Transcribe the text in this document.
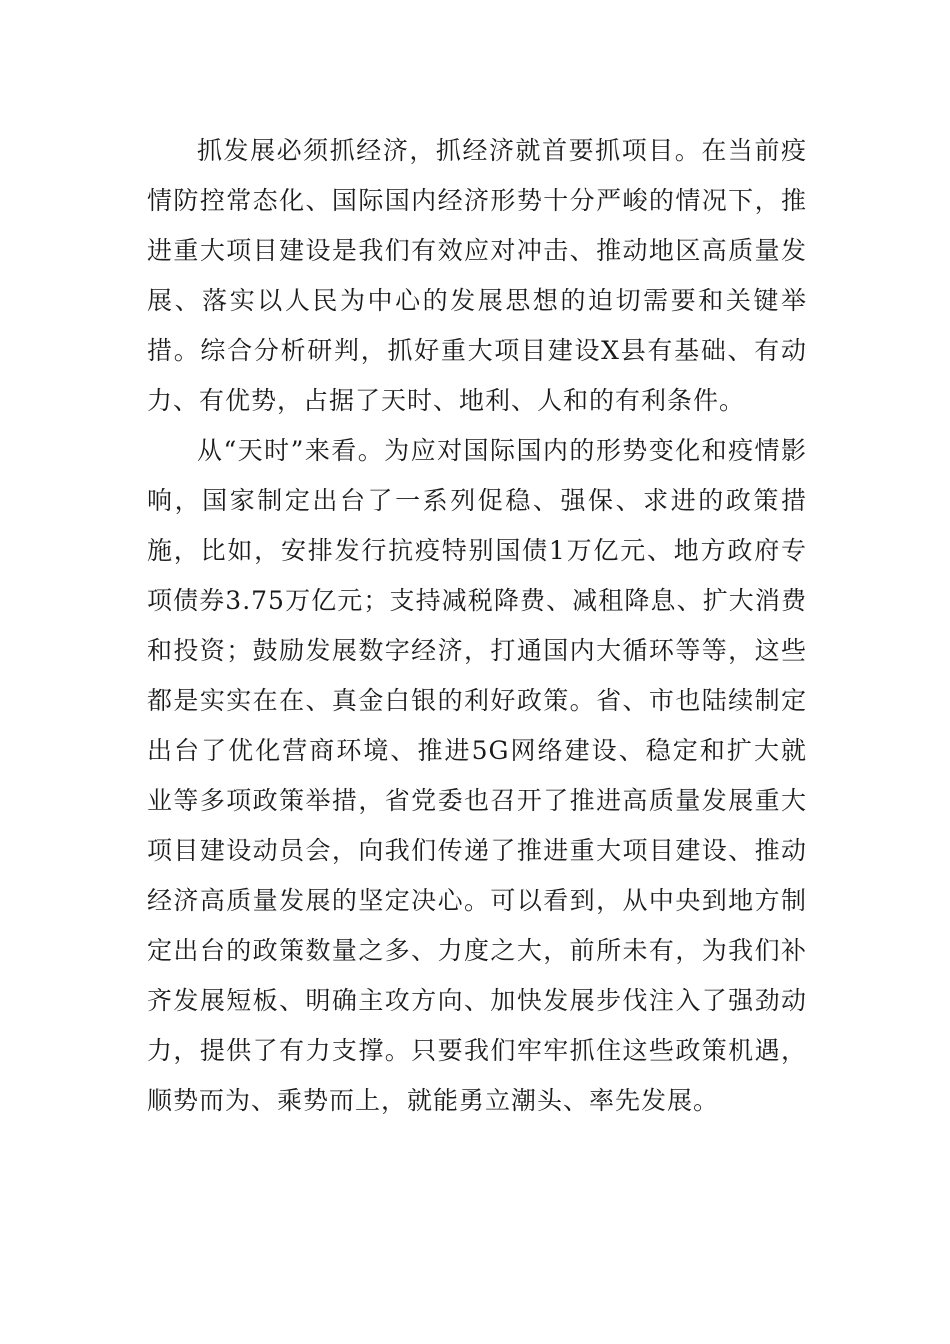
抓发展必须抓经济，抓经济就首要抓项目。在当前疫情防控常态化、国际国内经济形势十分严峻的情况下，推进重大项目建设是我们有效应对冲击、推动地区高质量发展、落实以人民为中心的发展思想的迫切需要和关键举措。综合分析研判，抓好重大项目建设X县有基础、有动力、有优势，占据了天时、地利、人和的有利条件。

从“天时”来看。为应对国际国内的形势变化和疫情影响，国家制定出台了一系列促稳、强保、求进的政策措施，比如，安排发行抗疫特别国债1万亿元、地方政府专项债券3.75万亿元；支持减税降费、减租降息、扩大消费和投资；鼓励发展数字经济，打通国内大循环等等，这些都是实实在在、真金白银的利好政策。省、市也陆续制定出台了优化营商环境、推进5G网络建设、稳定和扩大就业等多项政策举措，省党委也召开了推进高质量发展重大项目建设动员会，向我们传递了推进重大项目建设、推动经济高质量发展的坚定决心。可以看到，从中央到地方制定出台的政策数量之多、力度之大，前所未有，为我们补齐发展短板、明确主攻方向、加快发展步伐注入了强劲动力，提供了有力支撑。只要我们牢牢抓住这些政策机遇，顺势而为、乘势而上，就能勇立潮头、率先发展。
